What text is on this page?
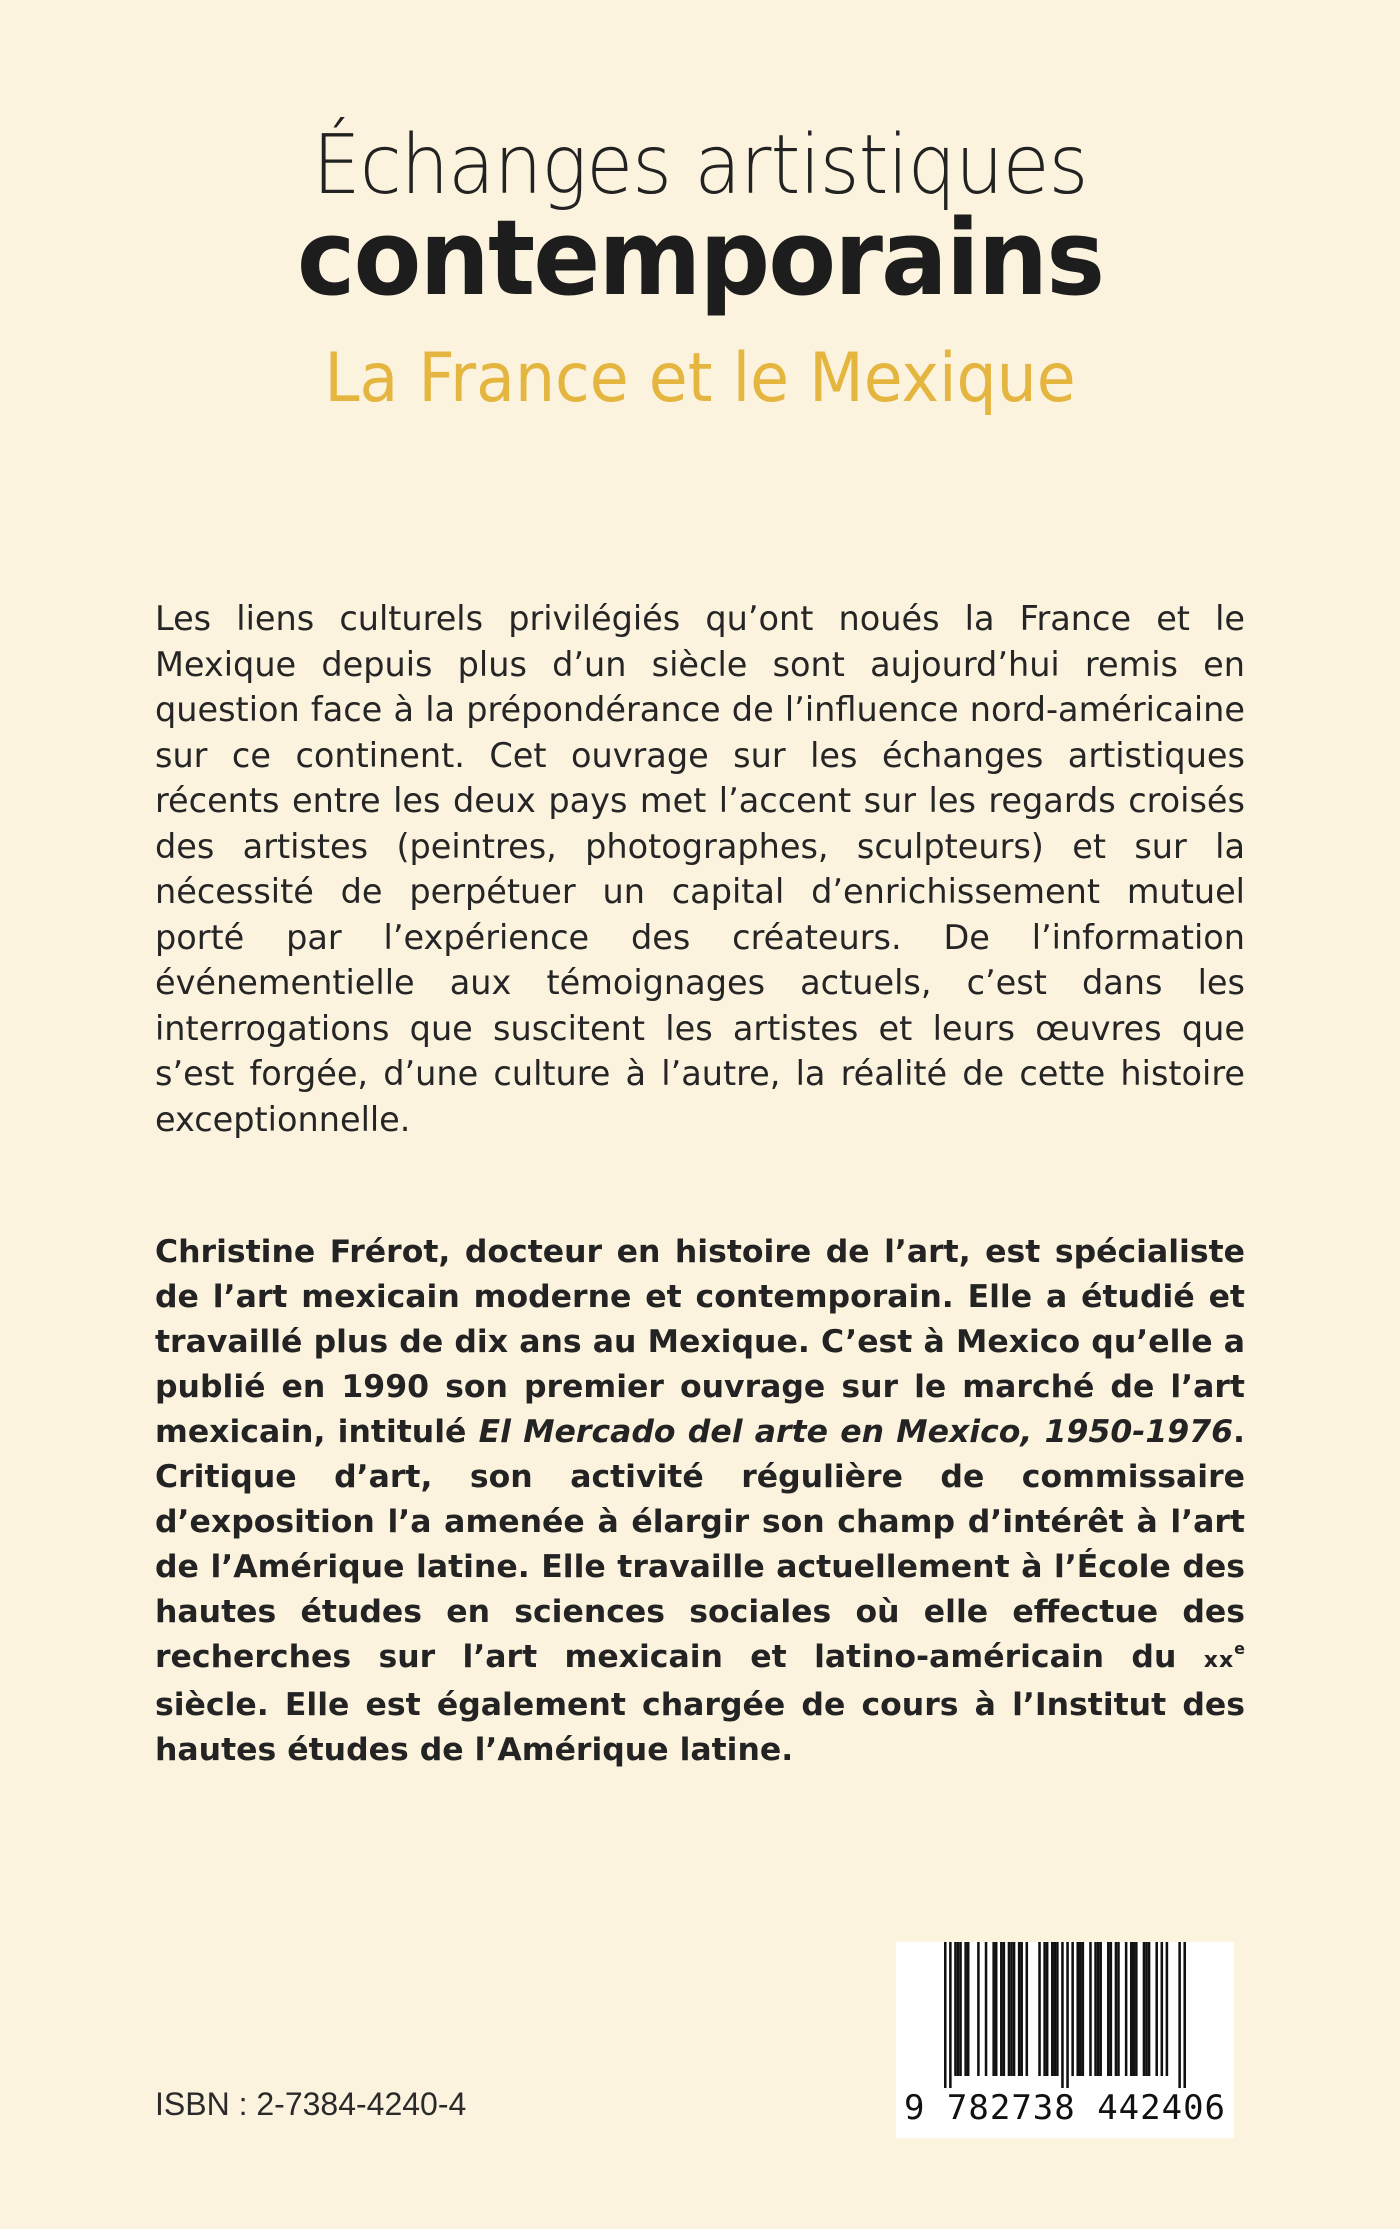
Échanges artistiques
contemporains
La France et le Mexique

Les liens culturels privilégiés qu’ont noués la France et le Mexique depuis plus d’un siècle sont aujourd’hui remis en question face à la prépondérance de l’influence nord-américaine sur ce continent. Cet ouvrage sur les échanges artistiques récents entre les deux pays met l’accent sur les regards croisés des artistes (peintres, photographes, sculpteurs) et sur la nécessité de perpétuer un capital d’enrichissement mutuel porté par l’expérience des créateurs. De l’information événementielle aux témoignages actuels, c’est dans les interrogations que suscitent les artistes et leurs œuvres que s’est forgée, d’une culture à l’autre, la réalité de cette histoire exceptionnelle.

Christine Frérot, docteur en histoire de l’art, est spécialiste de l’art mexicain moderne et contemporain. Elle a étudié et travaillé plus de dix ans au Mexique. C’est à Mexico qu’elle a publié en 1990 son premier ouvrage sur le marché de l’art mexicain, intitulé El Mercado del arte en Mexico, 1950-1976. Critique d’art, son activité régulière de commissaire d’exposition l’a amenée à élargir son champ d’intérêt à l’art de l’Amérique latine. Elle travaille actuellement à l’École des hautes études en sciences sociales où elle effectue des recherches sur l’art mexicain et latino-américain du $xx^e$ siècle. Elle est également chargée de cours à l’Institut des hautes études de l’Amérique latine.

ISBN : 2-7384-4240-4	9 782738 442406
